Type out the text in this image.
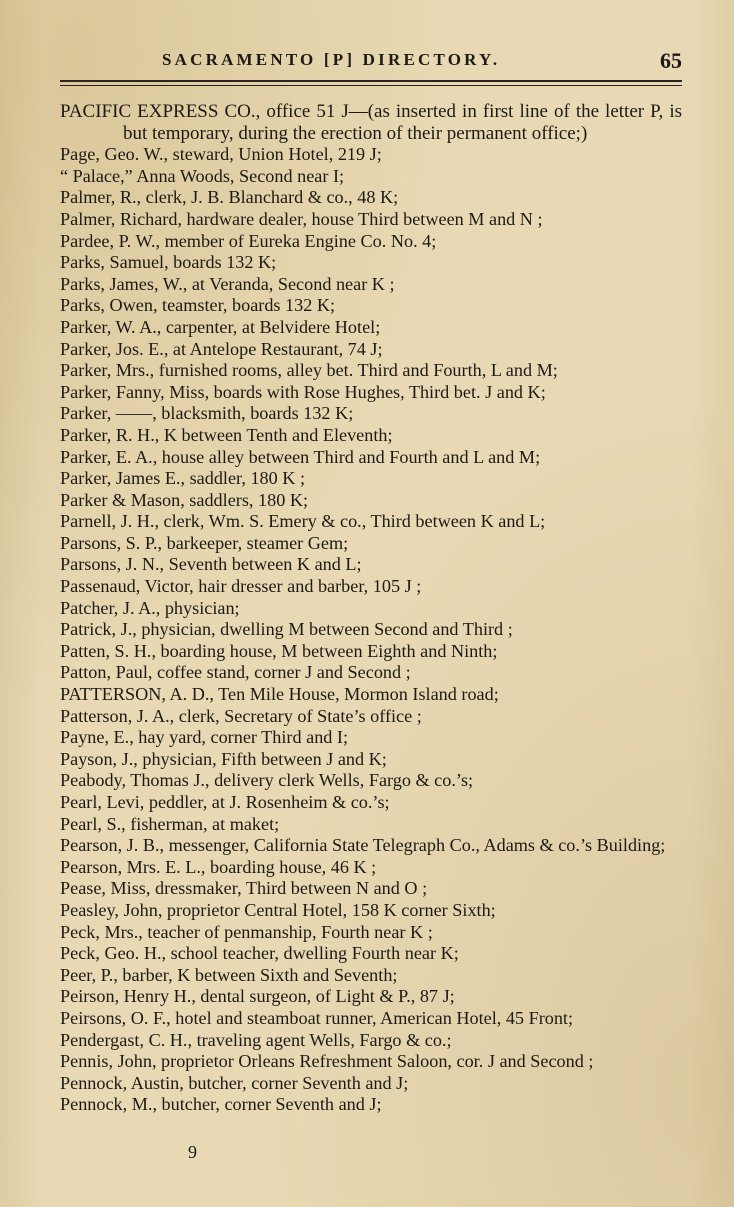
SACRAMENTO [P] DIRECTORY.	65

PACIFIC EXPRESS CO., office 51 J—(as inserted in first line of the letter P, is but temporary, during the erection of their permanent office;)

Page, Geo. W., steward, Union Hotel, 219 J;

“ Palace,” Anna Woods, Second near I;

Palmer, R., clerk, J. B. Blanchard & co., 48 K;

Palmer, Richard, hardware dealer, house Third between M and N ;

Pardee, P. W., member of Eureka Engine Co. No. 4;

Parks, Samuel, boards 132 K;

Parks, James, W., at Veranda, Second near K ;

Parks, Owen, teamster, boards 132 K;

Parker, W. A., carpenter, at Belvidere Hotel;

Parker, Jos. E., at Antelope Restaurant, 74 J;

Parker, Mrs., furnished rooms, alley bet. Third and Fourth, L and M;

Parker, Fanny, Miss, boards with Rose Hughes, Third bet. J and K;

Parker, ——, blacksmith, boards 132 K;

Parker, R. H., K between Tenth and Eleventh;

Parker, E. A., house alley between Third and Fourth and L and M;

Parker, James E., saddler, 180 K ;

Parker & Mason, saddlers, 180 K;

Parnell, J. H., clerk, Wm. S. Emery & co., Third between K and L;

Parsons, S. P., barkeeper, steamer Gem;

Parsons, J. N., Seventh between K and L;

Passenaud, Victor, hair dresser and barber, 105 J ;

Patcher, J. A., physician;

Patrick, J., physician, dwelling M between Second and Third ;

Patten, S. H., boarding house, M between Eighth and Ninth;

Patton, Paul, coffee stand, corner J and Second ;

PATTERSON, A. D., Ten Mile House, Mormon Island road;

Patterson, J. A., clerk, Secretary of State’s office ;

Payne, E., hay yard, corner Third and I;

Payson, J., physician, Fifth between J and K;

Peabody, Thomas J., delivery clerk Wells, Fargo & co.’s;

Pearl, Levi, peddler, at J. Rosenheim & co.’s;

Pearl, S., fisherman, at maket;

Pearson, J. B., messenger, California State Telegraph Co., Adams & co.’s Building;

Pearson, Mrs. E. L., boarding house, 46 K ;

Pease, Miss, dressmaker, Third between N and O ;

Peasley, John, proprietor Central Hotel, 158 K corner Sixth;

Peck, Mrs., teacher of penmanship, Fourth near K ;

Peck, Geo. H., school teacher, dwelling Fourth near K;

Peer, P., barber, K between Sixth and Seventh;

Peirson, Henry H., dental surgeon, of Light & P., 87 J;

Peirsons, O. F., hotel and steamboat runner, American Hotel, 45 Front;

Pendergast, C. H., traveling agent Wells, Fargo & co.;

Pennis, John, proprietor Orleans Refreshment Saloon, cor. J and Second ;

Pennock, Austin, butcher, corner Seventh and J;

Pennock, M., butcher, corner Seventh and J;

9
